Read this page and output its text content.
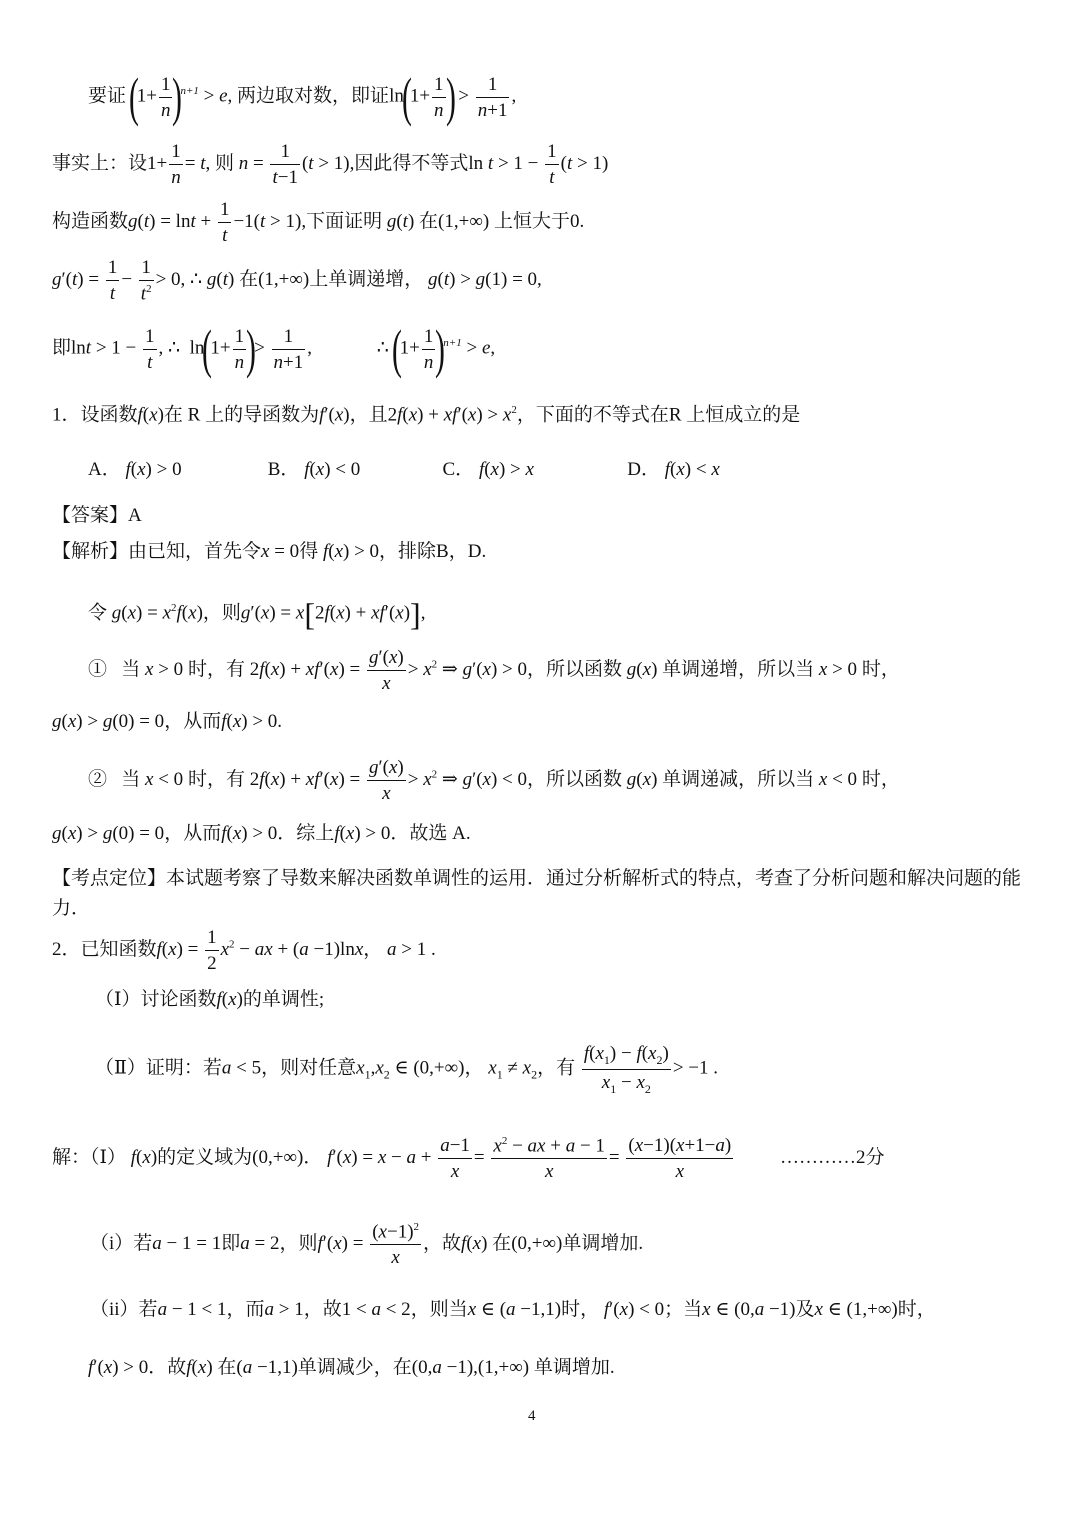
要证 $(1+ \frac{1}{n} )^{n+1} > e$, 两边取对数，即证$\ln(1+ \frac{1}{n}$ ) > $\frac{1}{n+1}$ ,
事实上：设$1+ \frac{1}{n} = t$, 则 $n = \frac{1}{t-1} (t > 1)$,因此得不等式$\ln t > 1 - \frac{1}{t} (t > 1)$
构造函数$g(t) = \ln t + \frac{1}{t} -1(t > 1)$,下面证明 g(t) 在(1,+∞) 上恒大于0.
$g'(t) = \frac{1}{t} - \frac{1}{t^2} > 0$, ∴ g(t) 在(1,+∞)上单调递增， g(t) > g(1) = 0,
即$\ln t > 1 - \frac{1}{t}$ , ∴  $\ln(1+ \frac{1}{n}$ )> $\frac{1}{n+1}$ ,	∴ $(1+ \frac{1}{n} )^{n+1} > e$,
1．设函数f(x)在 R 上的导函数为f′(x)，且$2f(x) + xf'(x) > x^2$，下面的不等式在R 上恒成立的是
A． f(x) > 0	B． f(x) < 0	C． f(x) > x	D． f(x) < x
【答案】A
【解析】由已知，首先令x = 0得 f(x) > 0，排除B，D.
令 $g(x) = x^2f(x)$，则g′(x) = x[2f(x) + xf′(x)],
① 当 x > 0 时，有 $2f(x) + xf'(x) = \frac{g'(x)}{x} > x^2$ ⇒ g′(x) > 0，所以函数 g(x) 单调递增，所以当 x > 0 时，
g(x) > g(0) = 0，从而f(x) > 0.
② 当 x < 0 时，有 $2f(x) + xf'(x) = \frac{g'(x)}{x} > x^2$ ⇒ g′(x) < 0，所以函数 g(x) 单调递减，所以当 x < 0 时，
g(x) > g(0) = 0，从而f(x) > 0．综上f(x) > 0．故选 A.
【考点定位】本试题考察了导数来解决函数单调性的运用．通过分析解析式的特点，考查了分析问题和解决问题的能力．
2．已知函数$f(x) = \frac{1}{2} x^2$ − ax + (a −1)lnx， a > 1 .
（Ⅰ）讨论函数f(x)的单调性;
（Ⅱ）证明：若a < 5，则对任意$x_1,x_2$ ∈ (0,+∞)， $x_1 \ne x_2$，有 $\frac{f(x_1) - f(x_2)}{x_1 - x_2} > -1$ .
解：（Ⅰ） f(x)的定义域为(0,+∞)． $f'(x) = x - a + \frac{a-1}{x} = \frac{x^2 - ax + a - 1}{x} = \frac{(x-1)(x+1-a)}{x}$ …………2分
（i）若a − 1 = 1即a = 2，则$f'(x) = \frac{(x-1)^2}{x}$ ，故f(x) 在(0,+∞)单调增加.
（ii）若a − 1 < 1，而a > 1，故1 < a < 2，则当x ∈ (a −1,1)时， f′(x) < 0；当x ∈ (0,a −1)及x ∈ (1,+∞)时，
f′(x) > 0．故f(x) 在(a −1,1)单调减少，在(0,a −1),(1,+∞) 单调增加.
4
